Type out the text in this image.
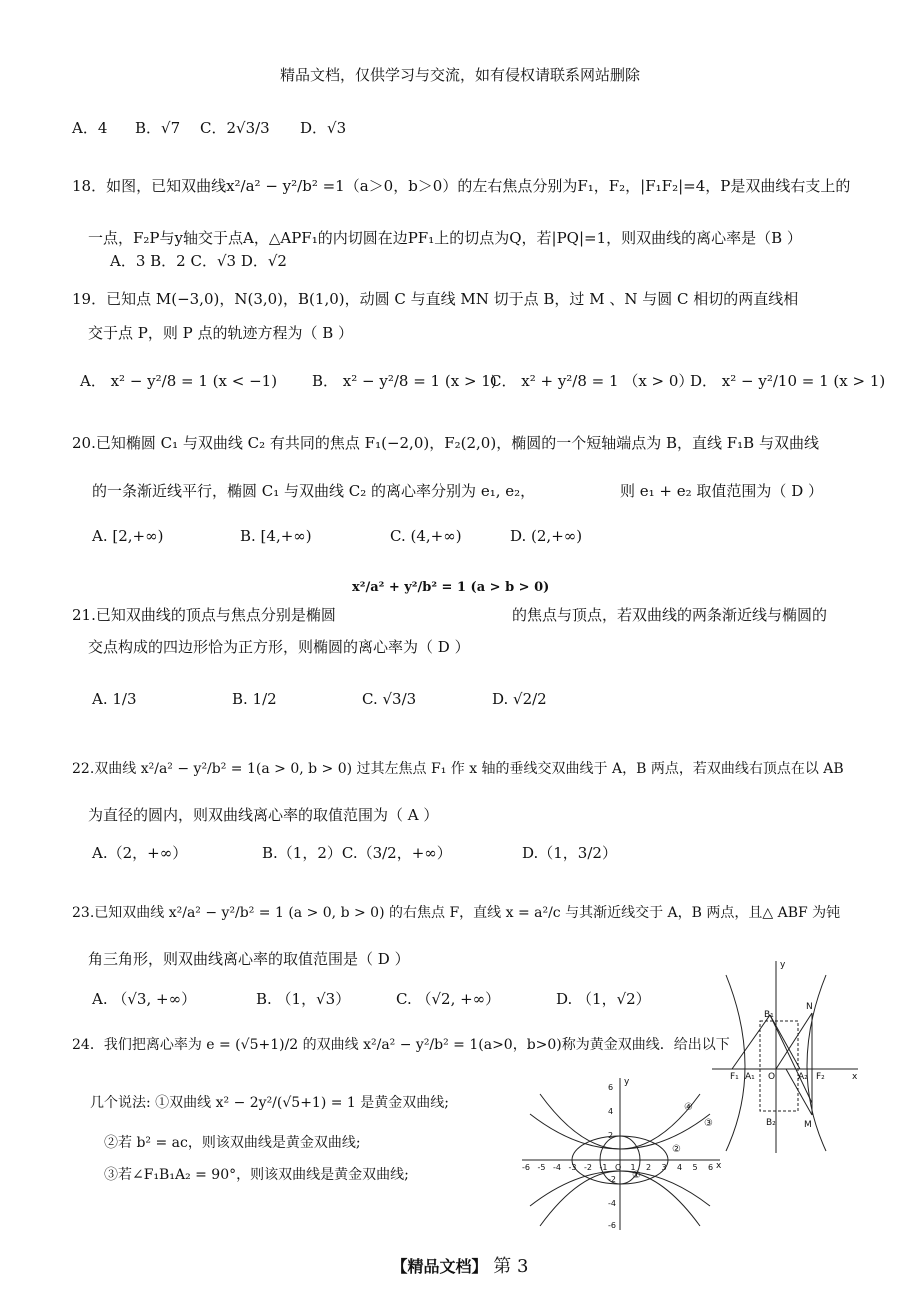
精品文档，仅供学习与交流，如有侵权请联系网站删除
A．4 B．√7 C．2√3/3 D．√3
18．如图，已知双曲线x²/a² − y²/b² =1（a＞0，b＞0）的左右焦点分别为F₁，F₂，|F₁F₂|=4，P是双曲线右支上的
一点，F₂P与y轴交于点A，△APF₁的内切圆在边PF₁上的切点为Q，若|PQ|=1，则双曲线的离心率是（B ）
A．3 B．2 C．√3 D．√2
19．已知点 M(−3,0)，N(3,0)，B(1,0)，动圆 C 与直线 MN 切于点 B，过 M 、N 与圆 C 相切的两直线相
交于点 P，则 P 点的轨迹方程为（ B ）
A． x² − y²/8 = 1 (x < −1) B． x² − y²/8 = 1 (x > 1)
C． x² + y²/8 = 1 （x > 0）
D． x² − y²/10 = 1 (x > 1)
20.已知椭圆 C₁ 与双曲线 C₂ 有共同的焦点 F₁(−2,0)，F₂(2,0)，椭圆的一个短轴端点为 B，直线 F₁B 与双曲线
的一条渐近线平行，椭圆 C₁ 与双曲线 C₂ 的离心率分别为 e₁, e₂，	则 e₁ + e₂ 取值范围为（ D ）
A. [2,+∞)	B. [4,+∞)	C. (4,+∞)	D. (2,+∞)
x²/a² + y²/b² = 1 (a > b > 0)
21.已知双曲线的顶点与焦点分别是椭圆	的焦点与顶点，若双曲线的两条渐近线与椭圆的
交点构成的四边形恰为正方形，则椭圆的离心率为（ D ）
A. 1/3	B. 1/2	C. √3/3	D. √2/2
22.双曲线 x²/a² − y²/b² = 1(a > 0, b > 0) 过其左焦点 F₁ 作 x 轴的垂线交双曲线于 A，B 两点，若双曲线右顶点在以 AB
为直径的圆内，则双曲线离心率的取值范围为（ A ）
A.（2，+∞）	B.（1，2）C.（3/2，+∞）	D.（1，3/2）
23.已知双曲线 x²/a² − y²/b² = 1 (a > 0, b > 0) 的右焦点 F，直线 x = a²/c 与其渐近线交于 A，B 两点，且△ ABF 为钝
角三角形，则双曲线离心率的取值范围是（ D ）
A. （√3, +∞）	B. （1，√3）	C. （√2, +∞）	D. （1，√2）
24．我们把离心率为 e = (√5+1)/2 的双曲线 x²/a² − y²/b² = 1(a>0，b>0)称为黄金双曲线．给出以下
几个说法: ①双曲线 x² − 2y²/(√5+1) = 1 是黄金双曲线;
②若 b² = ac，则该双曲线是黄金双曲线;
③若∠F₁B₁A₂ = 90°，则该双曲线是黄金双曲线;
y
x
O
F₁ A₁	A₂ F₂
B₁
B₂
N
M
6
4
2
-2
-4
-6
-6 -5 -4 -3 -2 -1 O 1 2 3 4 5 6
y
x
④
③
②
①
【精品文档】 第 3
